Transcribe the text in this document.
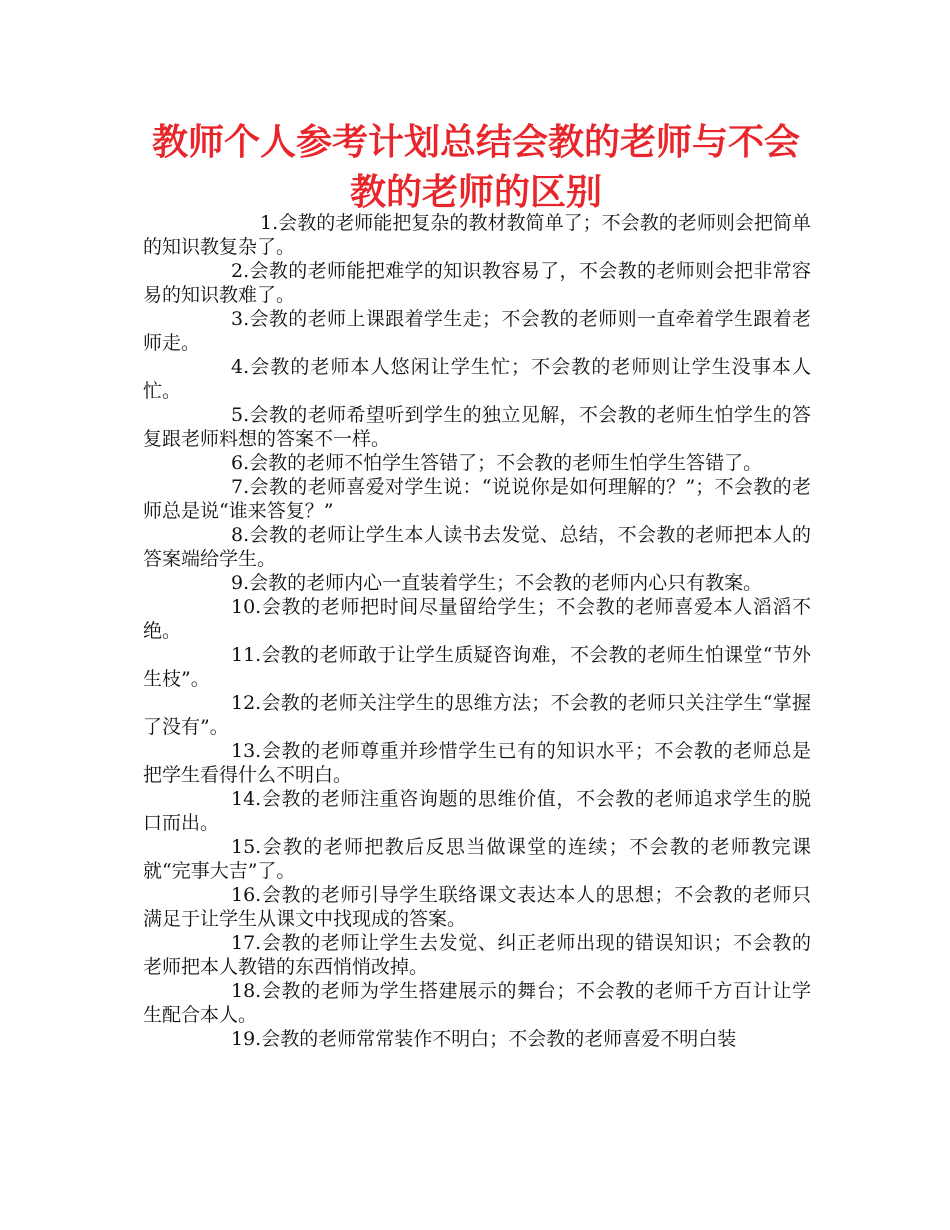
教师个人参考计划总结会教的老师与不会教的老师的区别

1.会教的老师能把复杂的教材教简单了；不会教的老师则会把简单的知识教复杂了。

2.会教的老师能把难学的知识教容易了，不会教的老师则会把非常容易的知识教难了。

3.会教的老师上课跟着学生走；不会教的老师则一直牵着学生跟着老师走。

4.会教的老师本人悠闲让学生忙；不会教的老师则让学生没事本人忙。

5.会教的老师希望听到学生的独立见解，不会教的老师生怕学生的答复跟老师料想的答案不一样。

6.会教的老师不怕学生答错了；不会教的老师生怕学生答错了。

7.会教的老师喜爱对学生说：“说说你是如何理解的？”；不会教的老师总是说“谁来答复？”

8.会教的老师让学生本人读书去发觉、总结，不会教的老师把本人的答案端给学生。

9.会教的老师内心一直装着学生；不会教的老师内心只有教案。

10.会教的老师把时间尽量留给学生；不会教的老师喜爱本人滔滔不绝。

11.会教的老师敢于让学生质疑咨询难，不会教的老师生怕课堂“节外生枝”。

12.会教的老师关注学生的思维方法；不会教的老师只关注学生“掌握了没有”。

13.会教的老师尊重并珍惜学生已有的知识水平；不会教的老师总是把学生看得什么不明白。

14.会教的老师注重咨询题的思维价值，不会教的老师追求学生的脱口而出。

15.会教的老师把教后反思当做课堂的连续；不会教的老师教完课就“完事大吉”了。

16.会教的老师引导学生联络课文表达本人的思想；不会教的老师只满足于让学生从课文中找现成的答案。

17.会教的老师让学生去发觉、纠正老师出现的错误知识；不会教的老师把本人教错的东西悄悄改掉。

18.会教的老师为学生搭建展示的舞台；不会教的老师千方百计让学生配合本人。

19.会教的老师常常装作不明白；不会教的老师喜爱不明白装
